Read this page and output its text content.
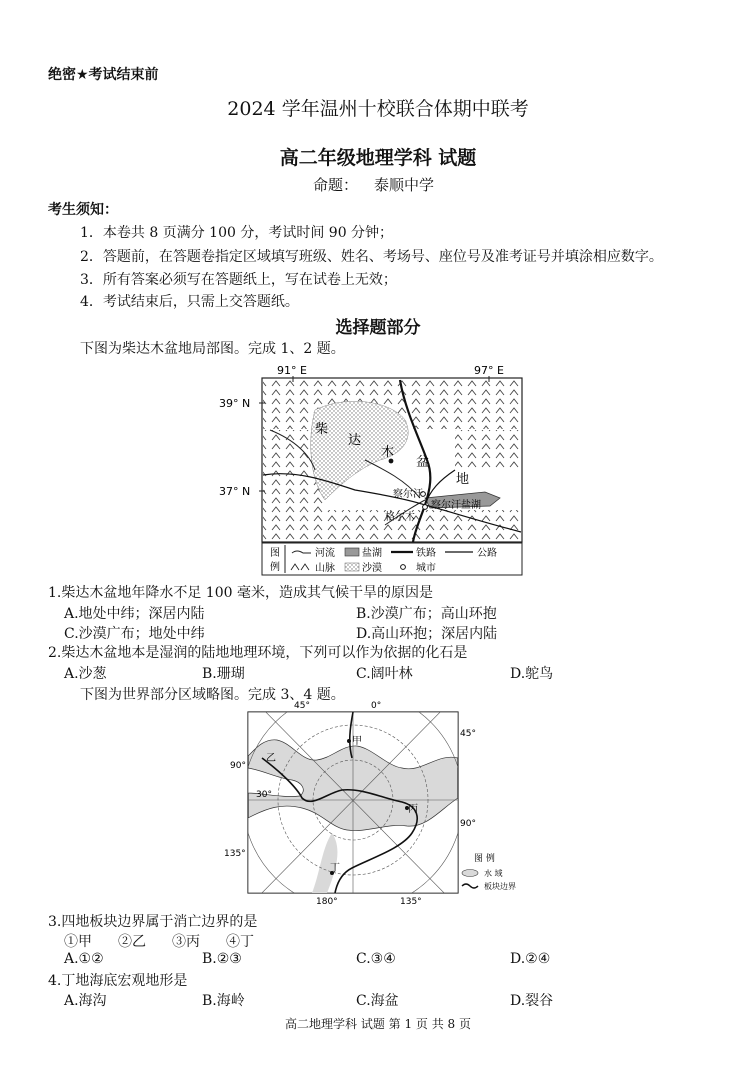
绝密★考试结束前
2024 学年温州十校联合体期中联考
高二年级地理学科 试题
命题： 泰顺中学
考生须知：
1．本卷共 8 页满分 100 分，考试时间 90 分钟；
2．答题前，在答题卷指定区域填写班级、姓名、考场号、座位号及准考证号并填涂相应数字。
3．所有答案必须写在答题纸上，写在试卷上无效；
4．考试结束后，只需上交答题纸。
选择题部分
下图为柴达木盆地局部图。完成 1、2 题。
91° E	97° E
39° N
37° N
柴
达
木
盆
地
察尔汗
格尔木
察尔汗盐湖
图
例
河流	盐湖	铁路	公路
山脉	沙漠	城市
1.柴达木盆地年降水不足 100 毫米，造成其气候干旱的原因是
A.地处中纬；深居内陆	B.沙漠广布；高山环抱
C.沙漠广布；地处中纬	D.高山环抱；深居内陆
2.柴达木盆地本是湿润的陆地地理环境，下列可以作为依据的化石是
A.沙葱	B.珊瑚	C.阔叶林	D.鸵鸟
下图为世界部分区域略图。完成 3、4 题。
45°	0°
45°
90°
30°
90°
135°
180°	135°
甲
乙
丙
丁
图 例
水 域
板块边界
3.四地板块边界属于消亡边界的是
①甲 ②乙 ③丙 ④丁
A.①②	B.②③	C.③④	D.②④
4.丁地海底宏观地形是
A.海沟	B.海岭	C.海盆	D.裂谷
高二地理学科 试题 第 1 页 共 8 页
